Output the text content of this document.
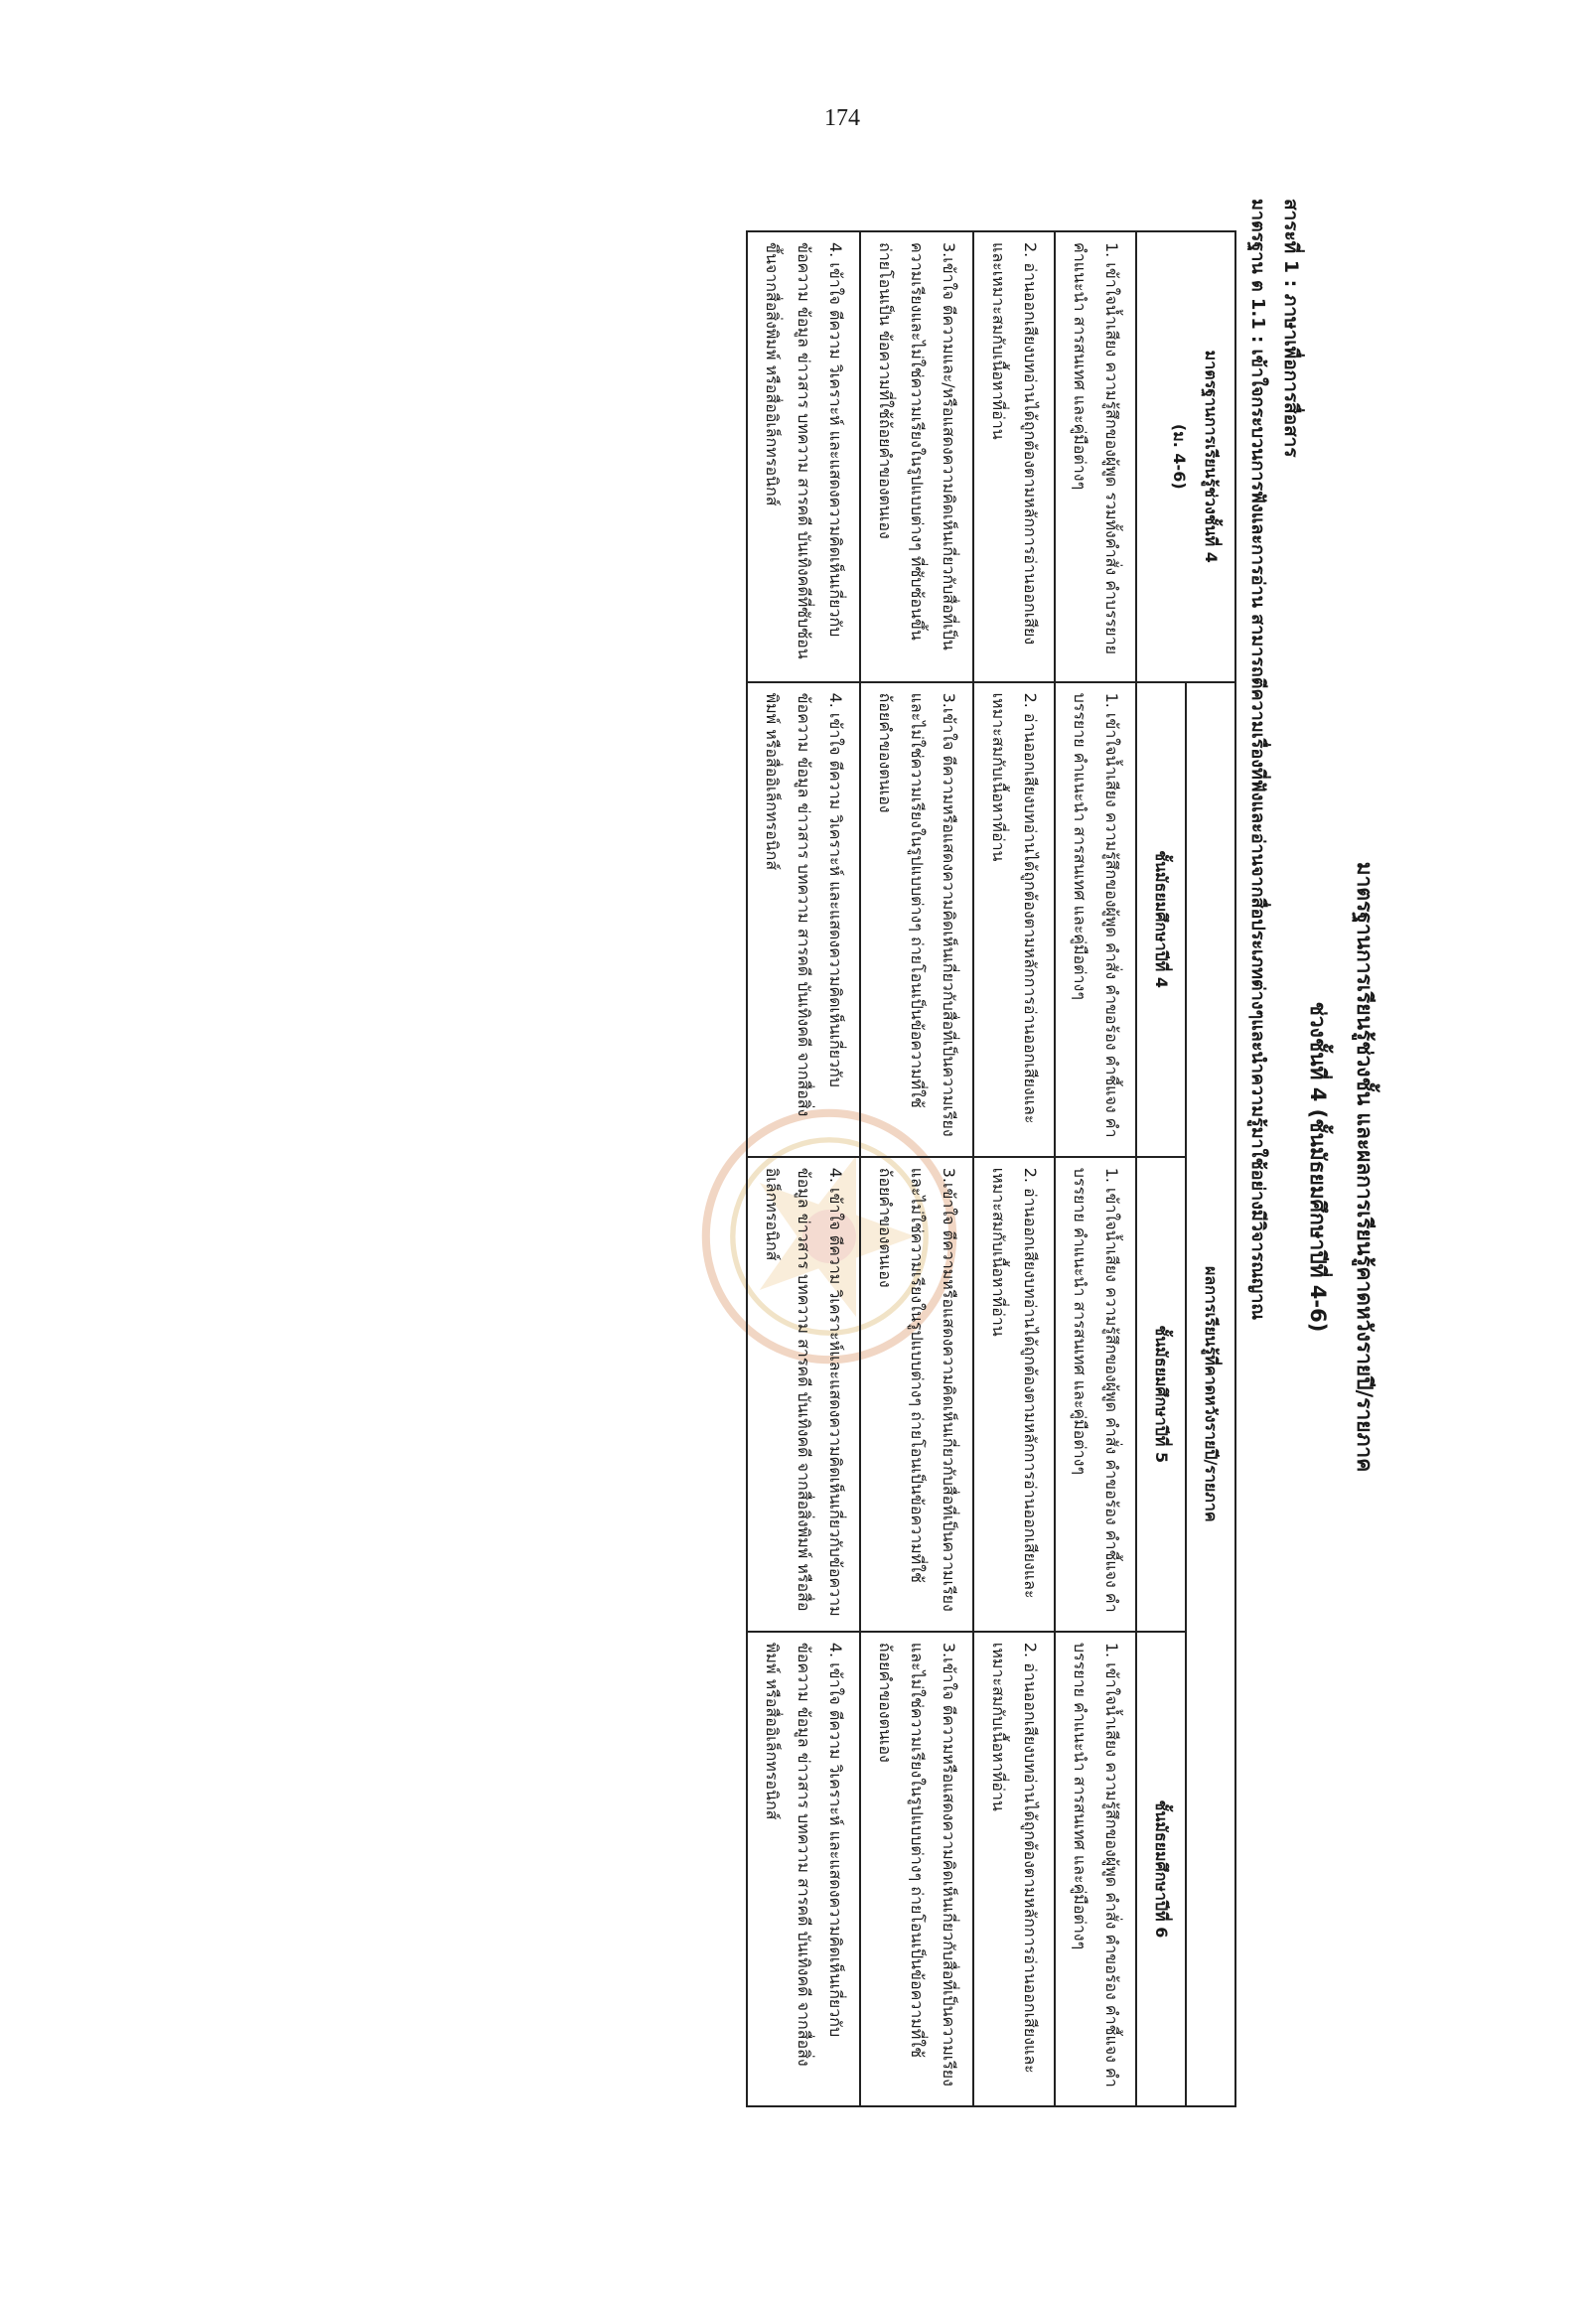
174
มาตรฐานการเรียนรู้ช่วงชั้น และผลการเรียนรู้คาดหวังรายปี/รายภาค
ช่วงชั้นที่ 4 (ชั้นมัธยมศึกษาปีที่ 4-6)
สาระที่ 1 : ภาษาเพื่อการสื่อสาร
มาตรฐาน ต 1.1 : เข้าใจกระบวนการฟังและการอ่าน สามารถตีความเรื่องที่ฟังและอ่านจากสื่อประเภทต่างๆและนำความรู้มาใช้อย่างมีวิจารณญาณ
มาตรฐานการเรียนรู้ช่วงชั้นที่ 4
(ม. 4-6)	ผลการเรียนรู้ที่คาดหวังรายปี/รายภาค		
	ชั้นมัธยมศึกษาปีที่ 4	ชั้นมัธยมศึกษาปีที่ 5	ชั้นมัธยมศึกษาปีที่ 6
1. เข้าใจน้ำเสียง ความรู้สึกของผู้พูด รวมทั้งคำสั่ง คำบรรยาย คำแนะนำ สารสนเทศ และคู่มือต่างๆ	1. เข้าใจน้ำเสียง ความรู้สึกของผู้พูด คำสั่ง คำขอร้อง คำชี้แจง คำบรรยาย คำแนะนำ สารสนเทศ และคู่มือต่างๆ	1. เข้าใจน้ำเสียง ความรู้สึกของผู้พูด คำสั่ง คำขอร้อง คำชี้แจง คำบรรยาย คำแนะนำ สารสนเทศ และคู่มือต่างๆ	1. เข้าใจน้ำเสียง ความรู้สึกของผู้พูด คำสั่ง คำขอร้อง คำชี้แจง คำบรรยาย คำแนะนำ สารสนเทศ และคู่มือต่างๆ
2. อ่านออกเสียงบทอ่านได้ถูกต้องตามหลักการอ่านออกเสียงและเหมาะสมกับเนื้อหาที่อ่าน	2. อ่านออกเสียงบทอ่านได้ถูกต้องตามหลักการอ่านออกเสียงและเหมาะสมกับเนื้อหาที่อ่าน	2. อ่านออกเสียงบทอ่านได้ถูกต้องตามหลักการอ่านออกเสียงและเหมาะสมกับเนื้อหาที่อ่าน	2. อ่านออกเสียงบทอ่านได้ถูกต้องตามหลักการอ่านออกเสียงและเหมาะสมกับเนื้อหาที่อ่าน
3.เข้าใจ ตีความและ/หรือแสดงความคิดเห็นเกี่ยวกับสื่อที่เป็นความเรียงและไม่ใช่ความเรียงในรูปแบบต่างๆ ที่ซับซ้อนขึ้น ถ่ายโอนเป็น ข้อความที่ใช้ถ้อยคำของตนเอง	3.เข้าใจ ตีความหรือแสดงความคิดเห็นเกี่ยวกับสื่อที่เป็นความเรียงและไม่ใช่ความเรียงในรูปแบบต่างๆ ถ่ายโอนเป็นข้อความที่ใช้ถ้อยคำของตนเอง	3.เข้าใจ ตีความหรือแสดงความคิดเห็นเกี่ยวกับสื่อที่เป็นความเรียงและไม่ใช่ความเรียงในรูปแบบต่างๆ ถ่ายโอนเป็นข้อความที่ใช้ถ้อยคำของตนเอง	3.เข้าใจ ตีความหรือแสดงความคิดเห็นเกี่ยวกับสื่อที่เป็นความเรียงและไม่ใช่ความเรียงในรูปแบบต่างๆ ถ่ายโอนเป็นข้อความที่ใช้ถ้อยคำของตนเอง
4. เข้าใจ ตีความ วิเคราะห์ และแสดงความคิดเห็นเกี่ยวกับข้อความ ข้อมูล ข่าวสาร บทความ สารคดี บันเทิงคดีที่ซับซ้อนขึ้นจากสื่อสิ่งพิมพ์ หรือสื่ออิเล็กทรอนิกส์	4. เข้าใจ ตีความ วิเคราะห์ และแสดงความคิดเห็นเกี่ยวกับข้อความ ข้อมูล ข่าวสาร บทความ สารคดี บันเทิงคดี จากสื่อสิ่งพิมพ์ หรือสื่ออิเล็กทรอนิกส์	4. เข้าใจ ตีความ วิเคราะห์และแสดงความคิดเห็นเกี่ยวกับข้อความ ข้อมูล ข่าวสาร บทความ สารคดี บันเทิงคดี จากสื่อสิ่งพิมพ์ หรือสื่ออิเล็กทรอนิกส์	4. เข้าใจ ตีความ วิเคราะห์ และแสดงความคิดเห็นเกี่ยวกับข้อความ ข้อมูล ข่าวสาร บทความ สารคดี บันเทิงคดี จากสื่อสิ่งพิมพ์ หรือสื่ออิเล็กทรอนิกส์
